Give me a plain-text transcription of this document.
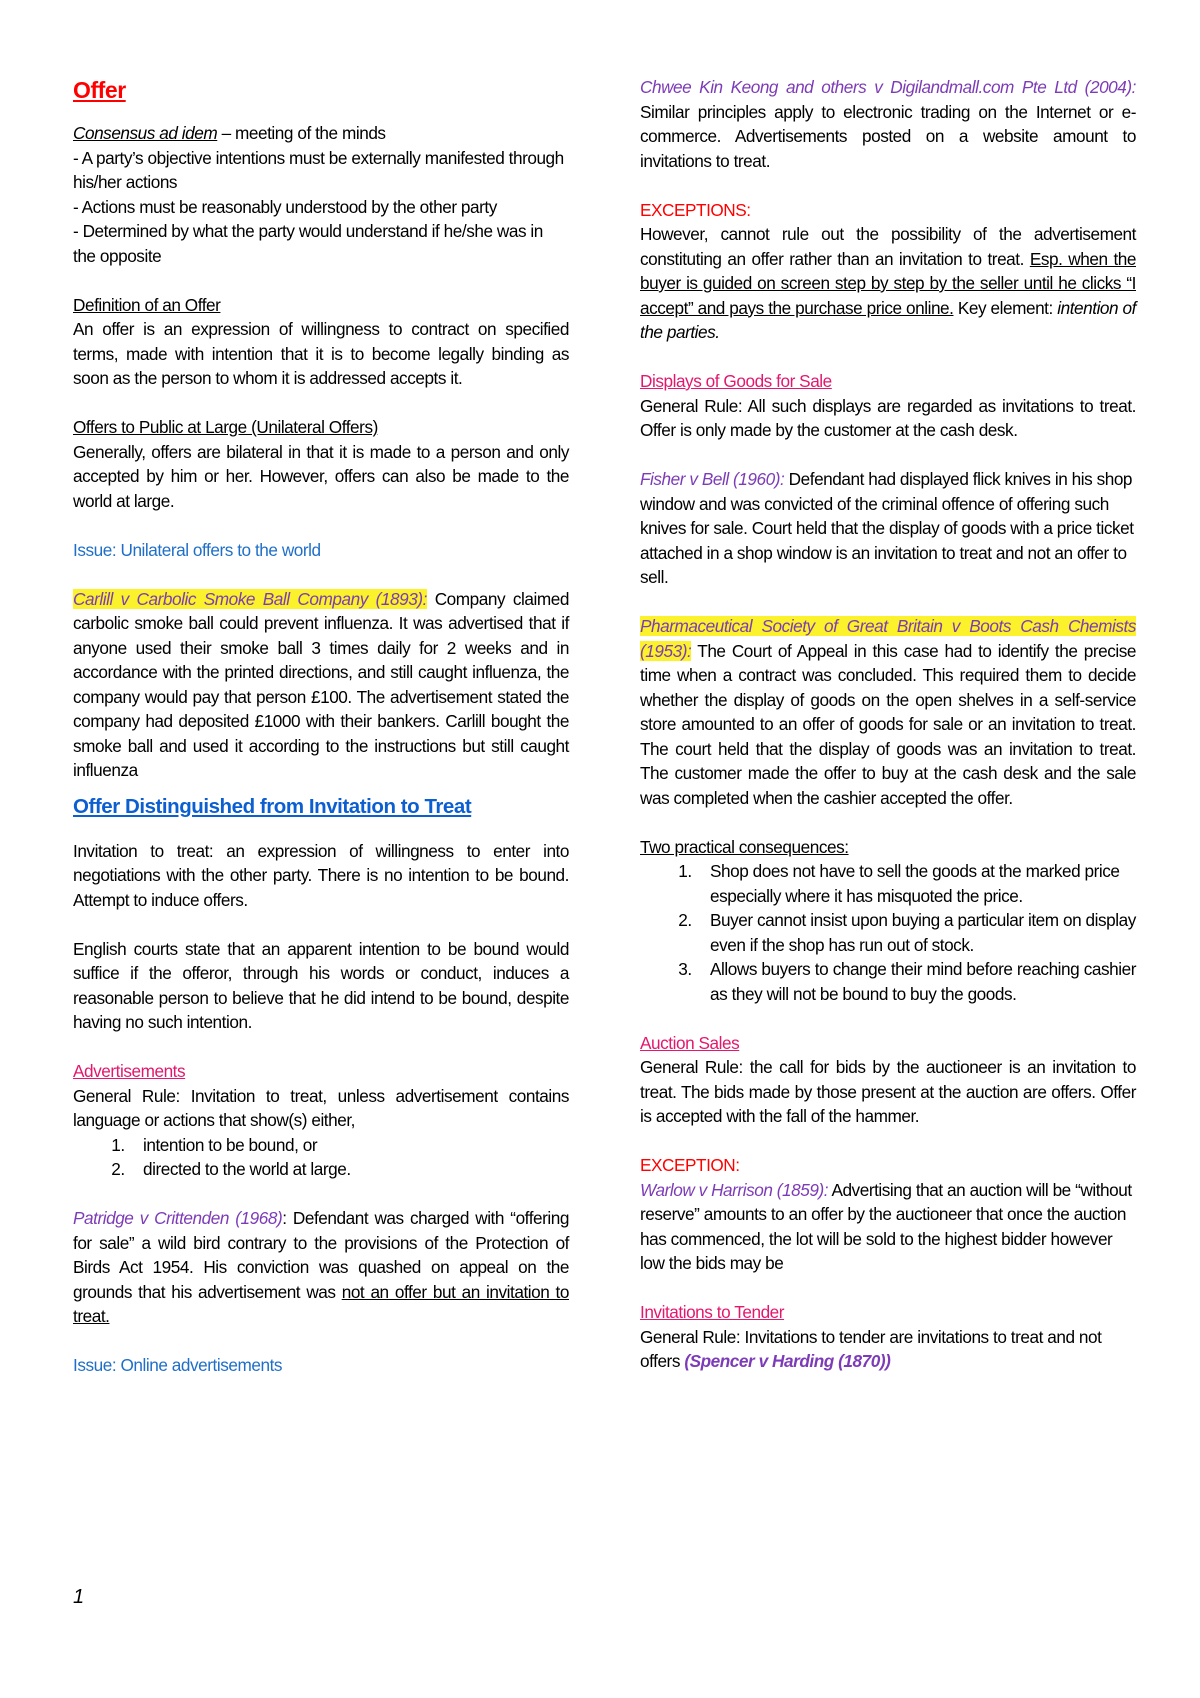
Offer

Consensus ad idem – meeting of the minds

- A party’s objective intentions must be externally manifested through his/her actions

- Actions must be reasonably understood by the other party

- Determined by what the party would understand if he/she was in the opposite

Definition of an Offer

An offer is an expression of willingness to contract on specified terms, made with intention that it is to become legally binding as soon as the person to whom it is addressed accepts it.

Offers to Public at Large (Unilateral Offers)

Generally, offers are bilateral in that it is made to a person and only accepted by him or her. However, offers can also be made to the world at large.

Issue: Unilateral offers to the world

Carlill v Carbolic Smoke Ball Company (1893): Company claimed carbolic smoke ball could prevent influenza. It was advertised that if anyone used their smoke ball 3 times daily for 2 weeks and in accordance with the printed directions, and still caught influenza, the company would pay that person £100. The advertisement stated the company had deposited £1000 with their bankers. Carlill bought the smoke ball and used it according to the instructions but still caught influenza

Offer Distinguished from Invitation to Treat

Invitation to treat: an expression of willingness to enter into negotiations with the other party. There is no intention to be bound. Attempt to induce offers.

English courts state that an apparent intention to be bound would suffice if the offeror, through his words or conduct, induces a reasonable person to believe that he did intend to be bound, despite having no such intention.

Advertisements

General Rule: Invitation to treat, unless advertisement contains language or actions that show(s) either,

1. intention to be bound, or
2. directed to the world at large.

Patridge v Crittenden (1968): Defendant was charged with “offering for sale” a wild bird contrary to the provisions of the Protection of Birds Act 1954. His conviction was quashed on appeal on the grounds that his advertisement was not an offer but an invitation to treat.

Issue: Online advertisements

Chwee Kin Keong and others v Digilandmall.com Pte Ltd (2004): Similar principles apply to electronic trading on the Internet or e-commerce. Advertisements posted on a website amount to invitations to treat.

EXCEPTIONS:

However, cannot rule out the possibility of the advertisement constituting an offer rather than an invitation to treat. Esp. when the buyer is guided on screen step by step by the seller until he clicks “I accept” and pays the purchase price online. Key element: intention of the parties.

Displays of Goods for Sale

General Rule: All such displays are regarded as invitations to treat. Offer is only made by the customer at the cash desk.

Fisher v Bell (1960): Defendant had displayed flick knives in his shop window and was convicted of the criminal offence of offering such knives for sale. Court held that the display of goods with a price ticket attached in a shop window is an invitation to treat and not an offer to sell.

Pharmaceutical Society of Great Britain v Boots Cash Chemists (1953): The Court of Appeal in this case had to identify the precise time when a contract was concluded. This required them to decide whether the display of goods on the open shelves in a self-service store amounted to an offer of goods for sale or an invitation to treat. The court held that the display of goods was an invitation to treat. The customer made the offer to buy at the cash desk and the sale was completed when the cashier accepted the offer.

Two practical consequences:

1. Shop does not have to sell the goods at the marked price especially where it has misquoted the price.
2. Buyer cannot insist upon buying a particular item on display even if the shop has run out of stock.
3. Allows buyers to change their mind before reaching cashier as they will not be bound to buy the goods.

Auction Sales

General Rule: the call for bids by the auctioneer is an invitation to treat. The bids made by those present at the auction are offers. Offer is accepted with the fall of the hammer.

EXCEPTION:

Warlow v Harrison (1859): Advertising that an auction will be “without reserve” amounts to an offer by the auctioneer that once the auction has commenced, the lot will be sold to the highest bidder however low the bids may be

Invitations to Tender

General Rule: Invitations to tender are invitations to treat and not offers (Spencer v Harding (1870))

1
